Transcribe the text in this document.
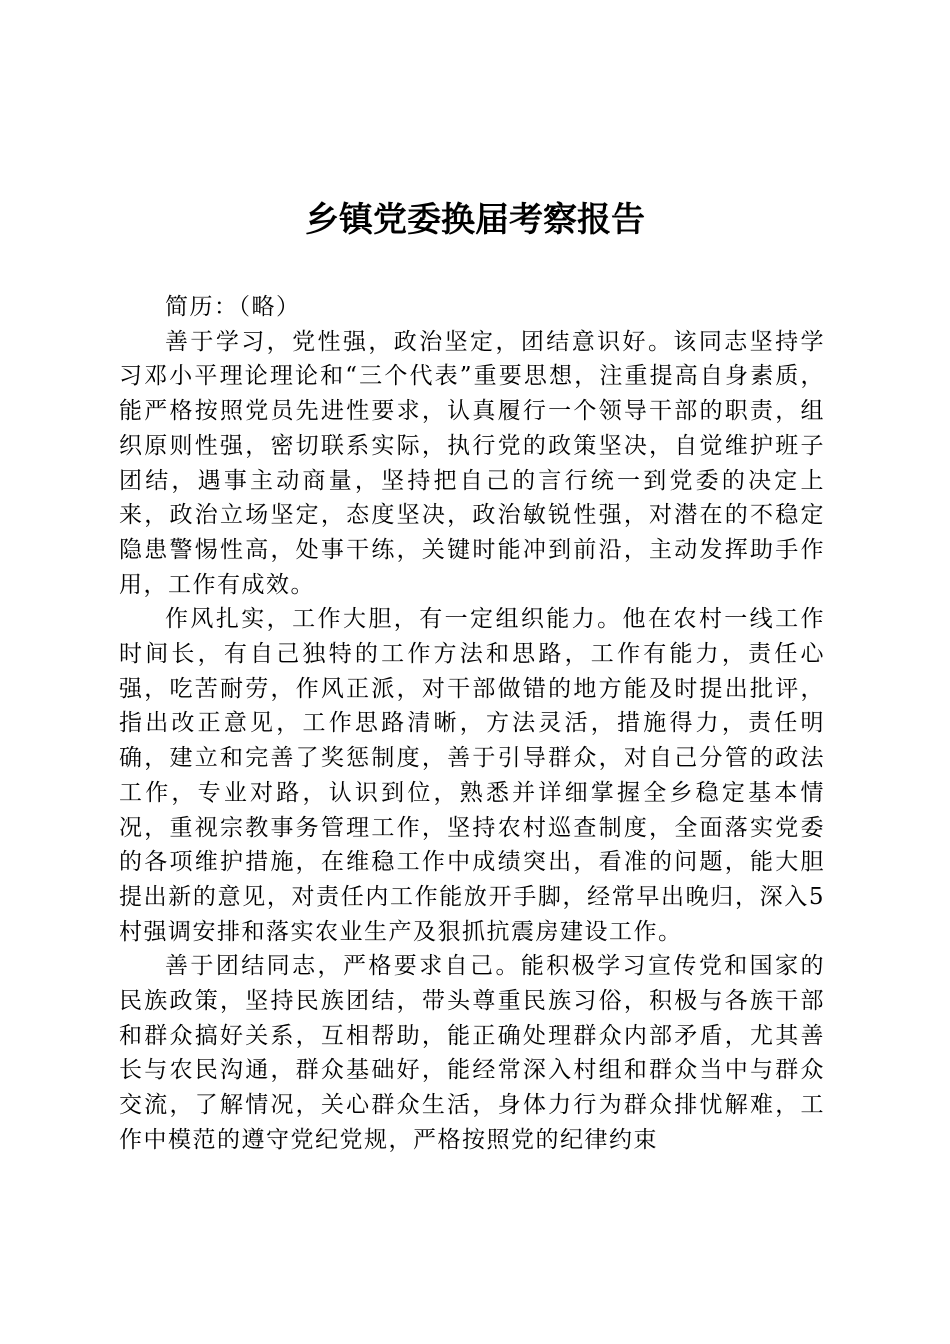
乡镇党委换届考察报告

简历：（略）

善于学习，党性强，政治坚定，团结意识好。该同志坚持学习邓小平理论理论和“三个代表”重要思想，注重提高自身素质，能严格按照党员先进性要求，认真履行一个领导干部的职责，组织原则性强，密切联系实际，执行党的政策坚决，自觉维护班子团结，遇事主动商量，坚持把自己的言行统一到党委的决定上来，政治立场坚定，态度坚决，政治敏锐性强，对潜在的不稳定隐患警惕性高，处事干练，关键时能冲到前沿，主动发挥助手作用，工作有成效。

作风扎实，工作大胆，有一定组织能力。他在农村一线工作时间长，有自己独特的工作方法和思路，工作有能力，责任心强，吃苦耐劳，作风正派，对干部做错的地方能及时提出批评，指出改正意见，工作思路清晰，方法灵活，措施得力，责任明确，建立和完善了奖惩制度，善于引导群众，对自己分管的政法工作，专业对路，认识到位，熟悉并详细掌握全乡稳定基本情况，重视宗教事务管理工作，坚持农村巡查制度，全面落实党委的各项维护措施，在维稳工作中成绩突出，看准的问题，能大胆提出新的意见，对责任内工作能放开手脚，经常早出晚归，深入5村强调安排和落实农业生产及狠抓抗震房建设工作。

善于团结同志，严格要求自己。能积极学习宣传党和国家的民族政策，坚持民族团结，带头尊重民族习俗，积极与各族干部和群众搞好关系，互相帮助，能正确处理群众内部矛盾，尤其善长与农民沟通，群众基础好，能经常深入村组和群众当中与群众交流，了解情况，关心群众生活，身体力行为群众排忧解难，工作中模范的遵守党纪党规，严格按照党的纪律约束
